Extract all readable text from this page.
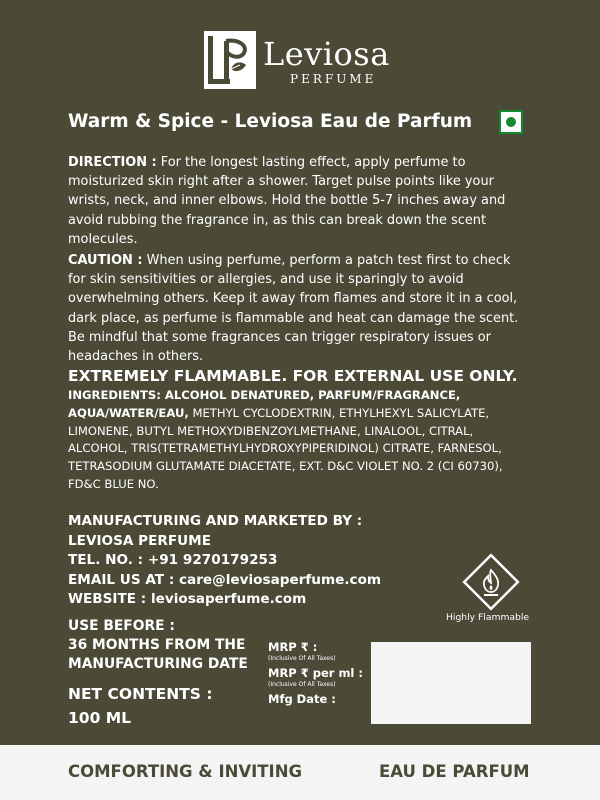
Leviosa
PERFUME
Warm & Spice - Leviosa Eau de Parfum
DIRECTION : For the longest lasting effect, apply perfume to moisturized skin right after a shower. Target pulse points like your wrists, neck, and inner elbows. Hold the bottle 5-7 inches away and avoid rubbing the fragrance in, as this can break down the scent molecules.
CAUTION : When using perfume, perform a patch test first to check for skin sensitivities or allergies, and use it sparingly to avoid overwhelming others. Keep it away from flames and store it in a cool, dark place, as perfume is flammable and heat can damage the scent. Be mindful that some fragrances can trigger respiratory issues or headaches in others.
EXTREMELY FLAMMABLE. FOR EXTERNAL USE ONLY.
INGREDIENTS: ALCOHOL DENATURED, PARFUM/FRAGRANCE, AQUA/WATER/EAU, METHYL CYCLODEXTRIN, ETHYLHEXYL SALICYLATE, LIMONENE, BUTYL METHOXYDIBENZOYLMETHANE, LINALOOL, CITRAL, ALCOHOL, TRIS(TETRAMETHYLHYDROXYPIPERIDINOL) CITRATE, FARNESOL, TETRASODIUM GLUTAMATE DIACETATE, EXT. D&C VIOLET NO. 2 (CI 60730), FD&C BLUE NO.
MANUFACTURING AND MARKETED BY :
LEVIOSA PERFUME
TEL. NO. : +91 9270179253
EMAIL US AT : care@leviosaperfume.com
WEBSITE : leviosaperfume.com
Highly Flammable
USE BEFORE :
36 MONTHS FROM THE
MANUFACTURING DATE
NET CONTENTS :
100 ML
MRP ₹ :
(Inclusive Of All Taxes)
MRP ₹ per ml :
(Inclusive Of All Taxes)
Mfg Date :
COMFORTING & INVITING	EAU DE PARFUM
